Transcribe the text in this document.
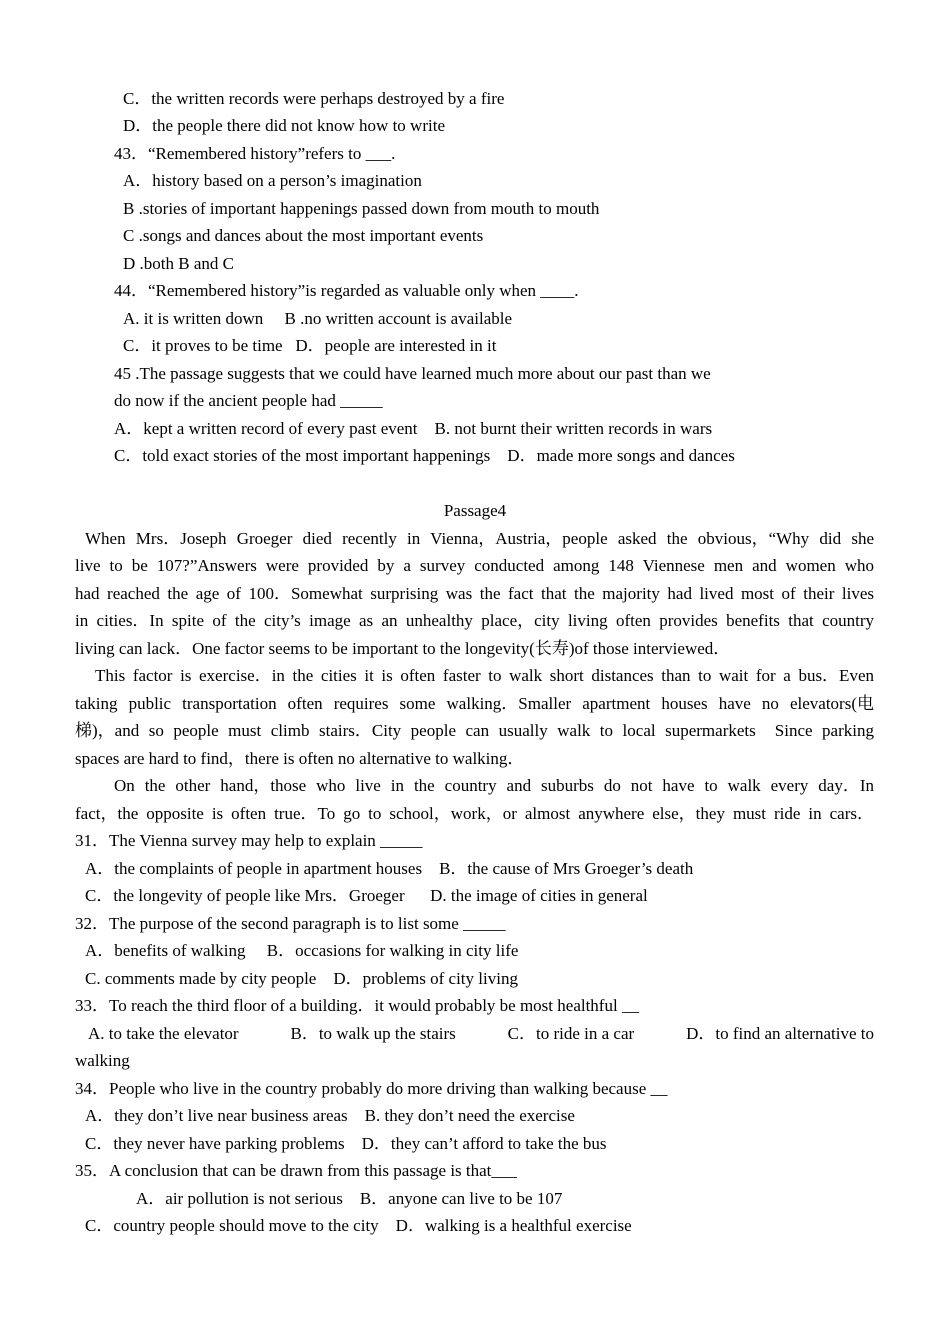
C．the written records were perhaps destroyed by a fire
D．the people there did not know how to write
43．“Remembered history”refers to ___.
A．history based on a person’s imagination
B .stories of important happenings passed down from mouth to mouth
C .songs and dances about the most important events
D .both B and C
44．“Remembered history”is regarded as valuable only when ____.
A. it is written down     B .no written account is available
C．it proves to be time   D．people are interested in it
45 .The passage suggests that we could have learned much more about our past than we
do now if the ancient people had _____
A．kept a written record of every past event    B. not burnt their written records in wars
C．told exact stories of the most important happenings    D．made more songs and dances
Passage4
When Mrs．Joseph Groeger died recently in Vienna，Austria，people asked the obvious，“Why did she
live to be 107?”Answers were provided by a survey conducted among 148 Viennese men and women who
had reached the age of 100．Somewhat surprising was the fact that the majority had lived most of their lives
in cities．In spite of the city’s image as an unhealthy place，city living often provides benefits that country
living can lack．One factor seems to be important to the longevity(长寿)of those interviewed．
This factor is exercise．in the cities it is often faster to walk short distances than to wait for a bus．Even
taking public transportation often requires some walking．Smaller apartment houses have no elevators(电
梯)，and so people must climb stairs．City people can usually walk to local supermarkets  Since parking
spaces are hard to find，there is often no alternative to walking．
On the other hand，those who live in the country and suburbs do not have to walk every day．In
fact，the opposite is often true．To go to school，work，or almost anywhere else，they must ride in cars．
31．The Vienna survey may help to explain _____
A．the complaints of people in apartment houses    B．the cause of Mrs Groeger’s death
C．the longevity of people like Mrs．Groeger      D. the image of cities in general
32．The purpose of the second paragraph is to list some _____
A．benefits of walking     B．occasions for walking in city life
C. comments made by city people    D．problems of city living
33．To reach the third floor of a building．it would probably be most healthful __
A. to take the elevator	B．to walk up the stairs	C．to ride in a car	D．to find an alternative to
walking
34．People who live in the country probably do more driving than walking because __
A．they don’t live near business areas    B. they don’t need the exercise
C．they never have parking problems    D．they can’t afford to take the bus
35．A conclusion that can be drawn from this passage is that___
A．air pollution is not serious    B．anyone can live to be 107
C．country people should move to the city    D．walking is a healthful exercise
